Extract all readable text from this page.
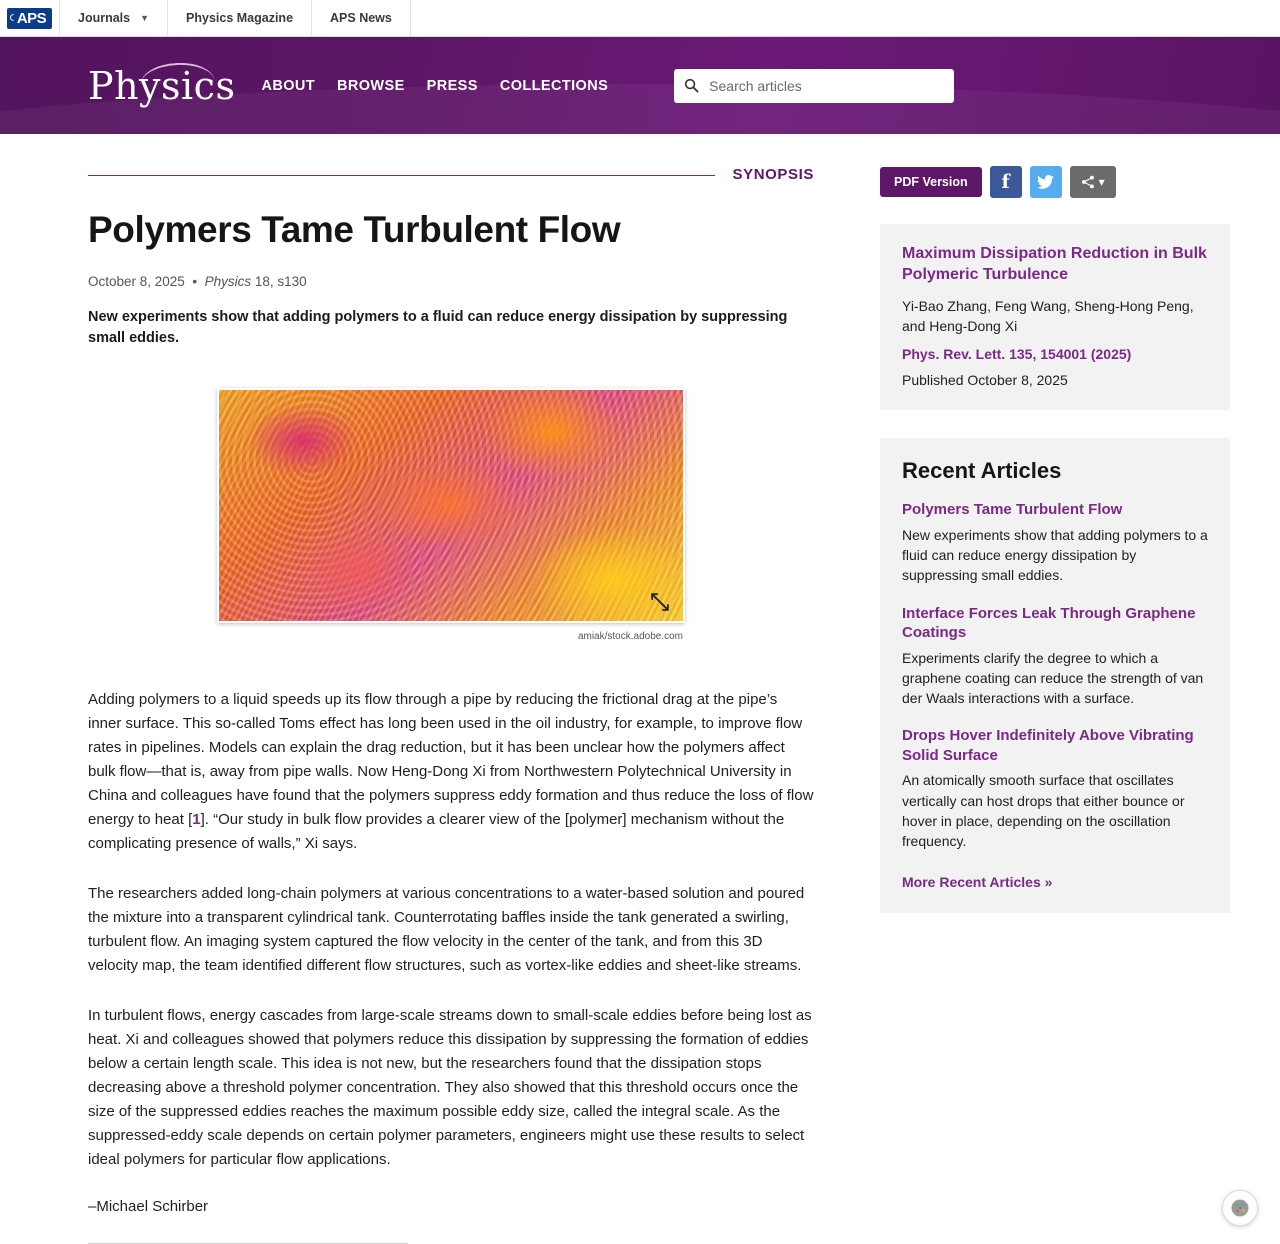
APS	Journals ▼	Physics Magazine	APS News
Physics ABOUT BROWSE PRESS COLLECTIONS
Search articles
SYNOPSIS
Polymers Tame Turbulent Flow
October 8, 2025  •  Physics 18, s130

New experiments show that adding polymers to a fluid can reduce energy dissipation by suppressing small eddies.

amiak/stock.adobe.com

Adding polymers to a liquid speeds up its flow through a pipe by reducing the frictional drag at the pipe’s inner surface. This so-called Toms effect has long been used in the oil industry, for example, to improve flow rates in pipelines. Models can explain the drag reduction, but it has been unclear how the polymers affect bulk flow—that is, away from pipe walls. Now Heng-Dong Xi from Northwestern Polytechnical University in China and colleagues have found that the polymers suppress eddy formation and thus reduce the loss of flow energy to heat [1]. “Our study in bulk flow provides a clearer view of the [polymer] mechanism without the complicating presence of walls,” Xi says.

The researchers added long-chain polymers at various concentrations to a water-based solution and poured the mixture into a transparent cylindrical tank. Counterrotating baffles inside the tank generated a swirling, turbulent flow. An imaging system captured the flow velocity in the center of the tank, and from this 3D velocity map, the team identified different flow structures, such as vortex-like eddies and sheet-like streams.

In turbulent flows, energy cascades from large-scale streams down to small-scale eddies before being lost as heat. Xi and colleagues showed that polymers reduce this dissipation by suppressing the formation of eddies below a certain length scale. This idea is not new, but the researchers found that the dissipation stops decreasing above a threshold polymer concentration. They also showed that this threshold occurs once the size of the suppressed eddies reaches the maximum possible eddy size, called the integral scale. As the suppressed-eddy scale depends on certain polymer parameters, engineers might use these results to select ideal polymers for particular flow applications.

–Michael Schirber
PDF Version	f	▾

Maximum Dissipation Reduction in Bulk Polymeric Turbulence

Yi-Bao Zhang, Feng Wang, Sheng-Hong Peng, and Heng-Dong Xi

Phys. Rev. Lett. 135, 154001 (2025)

Published October 8, 2025

Recent Articles

Polymers Tame Turbulent Flow

New experiments show that adding polymers to a fluid can reduce energy dissipation by suppressing small eddies.

Interface Forces Leak Through Graphene Coatings

Experiments clarify the degree to which a graphene coating can reduce the strength of van der Waals interactions with a surface.

Drops Hover Indefinitely Above Vibrating Solid Surface

An atomically smooth surface that oscillates vertically can host drops that either bounce or hover in place, depending on the oscillation frequency.

More Recent Articles »
